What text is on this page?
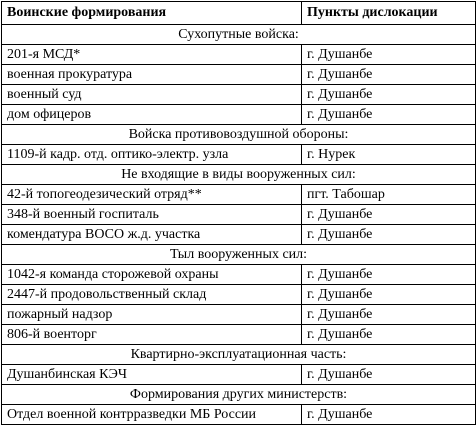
Воинские формирования	Пункты дислокации
Сухопутные войска:	
201-я МСД*	г. Душанбе
военная прокуратура	г. Душанбе
военный суд	г. Душанбе
дом офицеров	г. Душанбе
Войска противовоздушной обороны:	
1109-й кадр. отд. оптико-электр. узла	г. Нурек
Не входящие в виды вооруженных сил:	
42-й топогеодезический отряд**	пгт. Табошар
348-й военный госпиталь	г. Душанбе
комендатура ВОСО ж.д. участка	г. Душанбе
Тыл вооруженных сил:	
1042-я команда сторожевой охраны	г. Душанбе
2447-й продовольственный склад	г. Душанбе
пожарный надзор	г. Душанбе
806-й военторг	г. Душанбе
Квартирно-эксплуатационная часть:	
Душанбинская КЭЧ	г. Душанбе
Формирования других министерств:	
Отдел военной контрразведки МБ России	г. Душанбе
